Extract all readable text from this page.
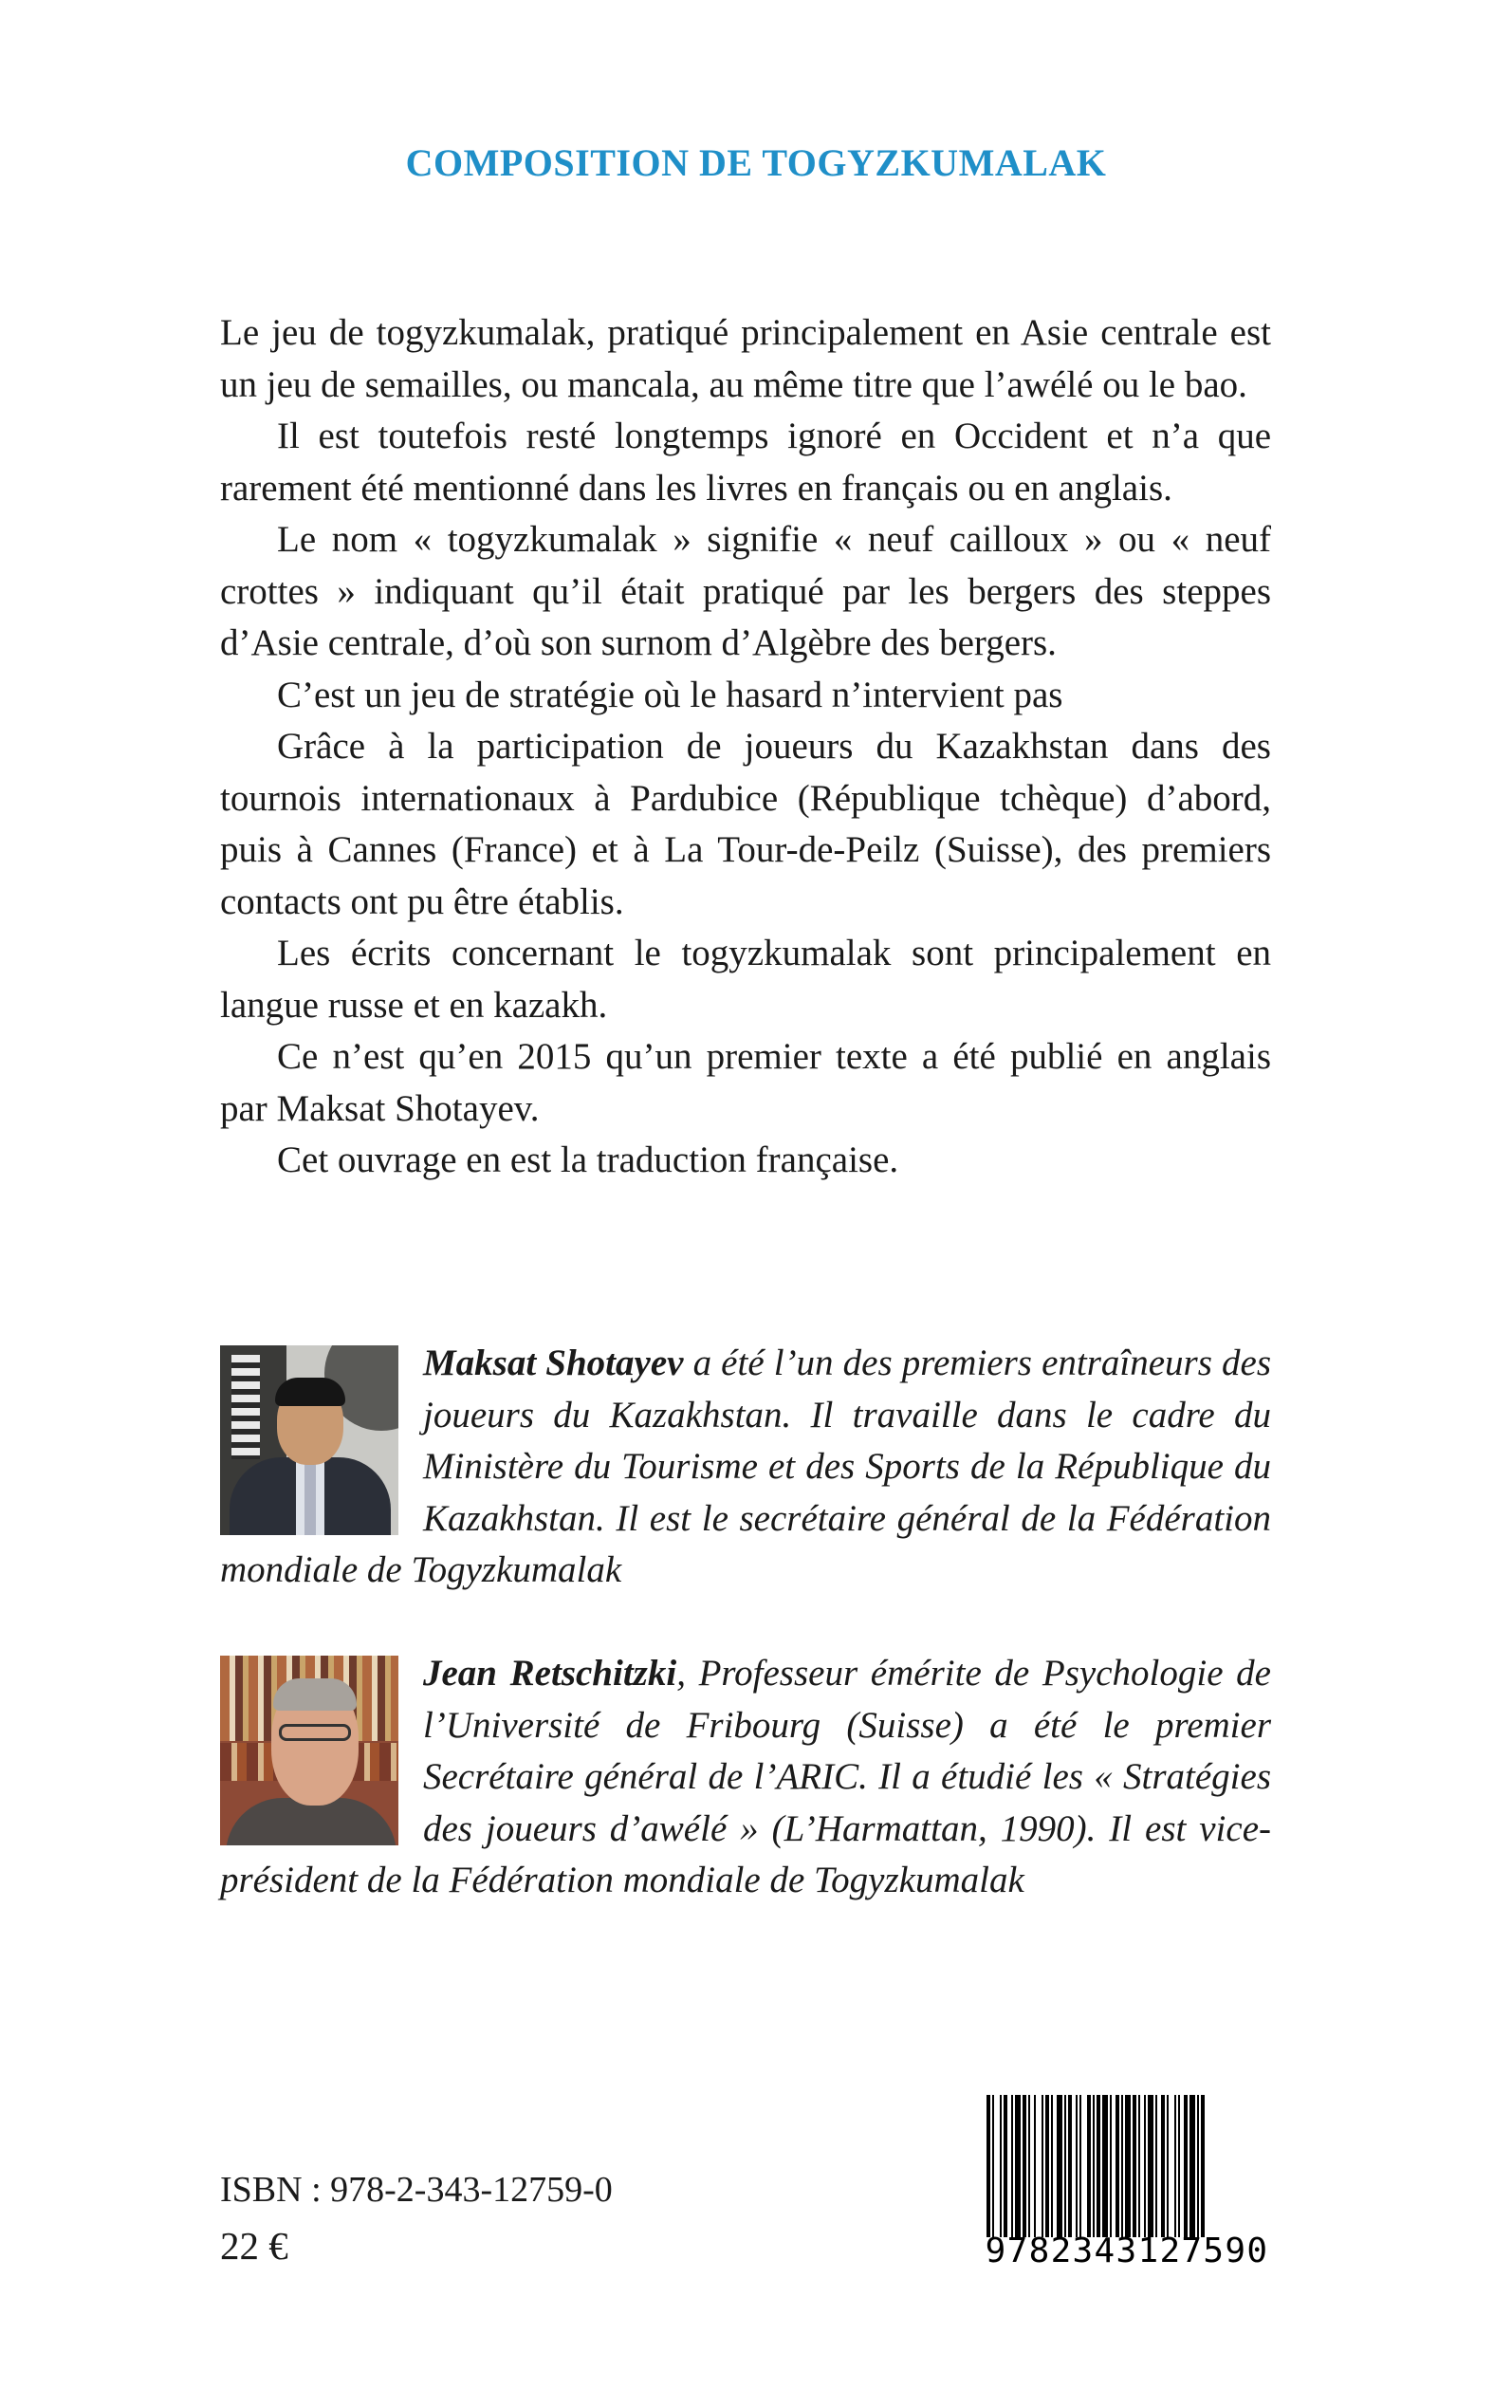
COMPOSITION DE TOGYZKUMALAK

Le jeu de togyzkumalak, pratiqué principalement en Asie centrale est un jeu de semailles, ou mancala, au même titre que l’awélé ou le bao.

Il est toutefois resté longtemps ignoré en Occident et n’a que rarement été mentionné dans les livres en français ou en anglais.

Le nom « togyzkumalak » signifie « neuf cailloux » ou « neuf crottes » indiquant qu’il était pratiqué par les bergers des steppes d’Asie centrale, d’où son surnom d’Algèbre des bergers.

C’est un jeu de stratégie où le hasard n’intervient pas

Grâce à la participation de joueurs du Kazakhstan dans des tournois internationaux à Pardubice (République tchèque) d’abord, puis à Cannes (France) et à La Tour-de-Peilz (Suisse), des premiers contacts ont pu être établis.

Les écrits concernant le togyzkumalak sont principalement en langue russe et en kazakh.

Ce n’est qu’en 2015 qu’un premier texte a été publié en anglais par Maksat Shotayev.

Cet ouvrage en est la traduction française.

Maksat Shotayev a été l’un des premiers entraîneurs des joueurs du Kazakhstan. Il travaille dans le cadre du Ministère du Tourisme et des Sports de la République du Kazakhstan. Il est le secrétaire général de la Fédération mondiale de Togyzkumalak
Jean Retschitzki, Professeur émérite de Psychologie de l’Université de Fribourg (Suisse) a été le premier Secrétaire général de l’ARIC. Il a étudié les « Stratégies des joueurs d’awélé » (L’Harmattan, 1990). Il est vice-président de la Fédération mondiale de Togyzkumalak

ISBN : 978-2-343-12759-0

22 €	9782343127590
